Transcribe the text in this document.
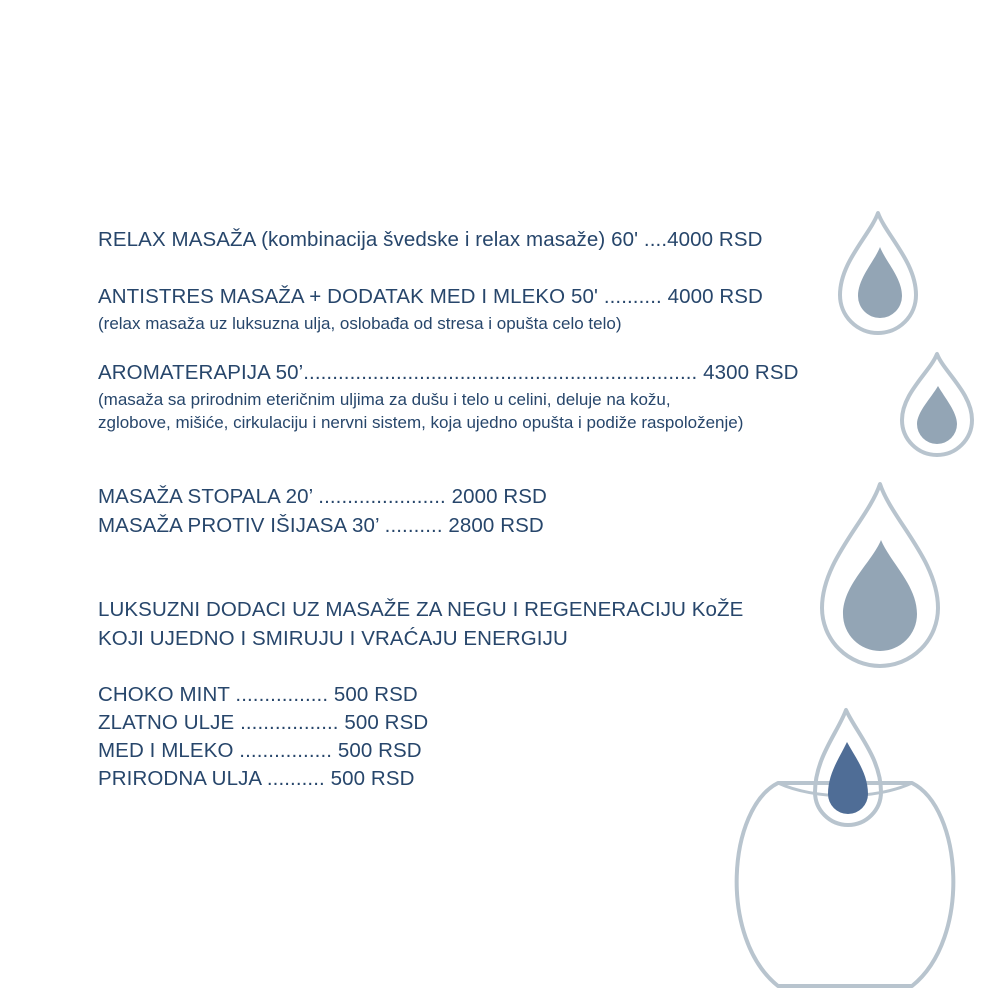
RELAX MASAŽA (kombinacija švedske i relax masaže) 60' ....4000 RSD
ANTISTRES MASAŽA + DODATAK MED I MLEKO 50' .......... 4000 RSD
(relax masaža uz luksuzna ulja, oslobađa od stresa i opušta celo telo)
AROMATERAPIJA 50’.................................................................... 4300 RSD
(masaža sa prirodnim eteričnim uljima za dušu i telo u celini, deluje na kožu,
zglobove, mišiće, cirkulaciju i nervni sistem, koja ujedno opušta i podiže raspoloženje)
MASAŽA STOPALA 20’ ...................... 2000 RSD
MASAŽA PROTIV IŠIJASA 30’ .......... 2800 RSD
LUKSUZNI DODACI UZ MASAŽE ZA NEGU I REGENERACIJU KoŽE
KOJI UJEDNO I SMIRUJU I VRAĆAJU ENERGIJU
CHOKO MINT ................ 500 RSD
ZLATNO ULJE ................. 500 RSD
MED I MLEKO ................ 500 RSD
PRIRODNA ULJA .......... 500 RSD
